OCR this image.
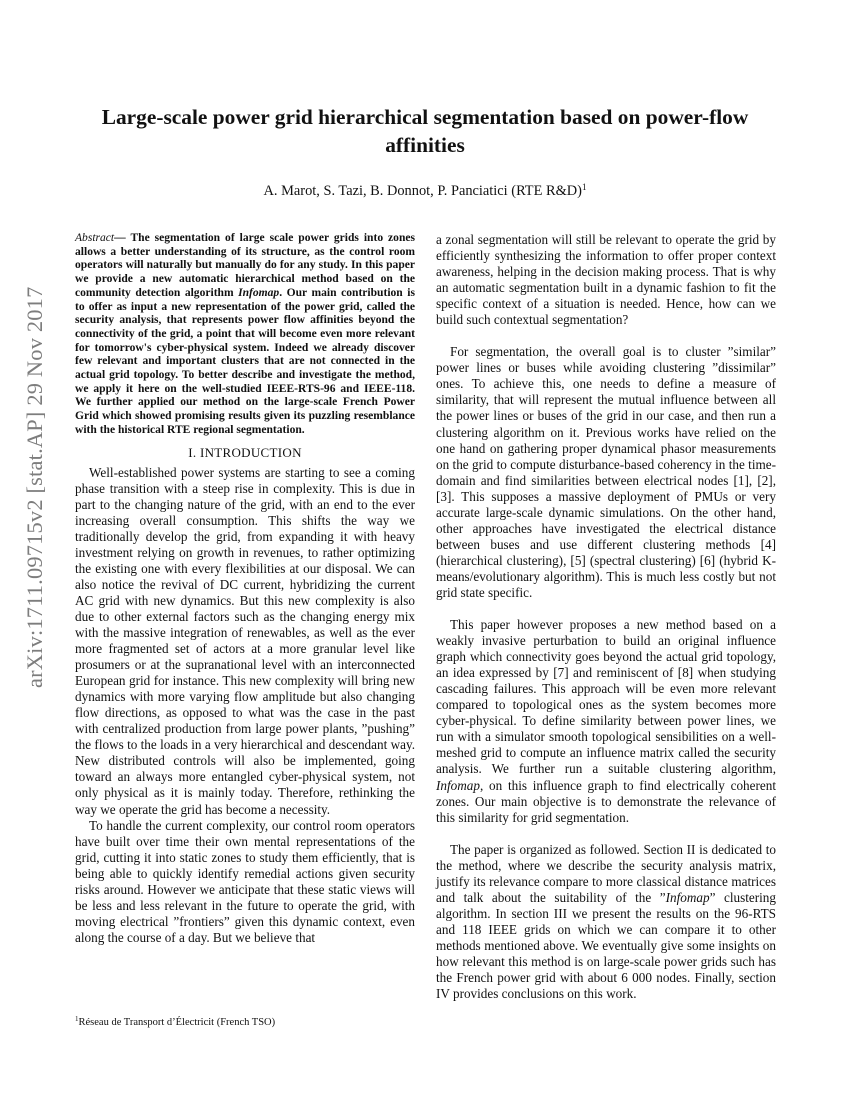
arXiv:1711.09715v2 [stat.AP] 29 Nov 2017
Large-scale power grid hierarchical segmentation based on power-flow affinities
A. Marot, S. Tazi, B. Donnot, P. Panciatici (RTE R&D)$^1$
Abstract— The segmentation of large scale power grids into zones allows a better understanding of its structure, as the control room operators will naturally but manually do for any study. In this paper we provide a new automatic hierarchical method based on the community detection algorithm Infomap. Our main contribution is to offer as input a new representation of the power grid, called the security analysis, that represents power flow affinities beyond the connectivity of the grid, a point that will become even more relevant for tomorrow's cyber-physical system. Indeed we already discover few relevant and important clusters that are not connected in the actual grid topology. To better describe and investigate the method, we apply it here on the well-studied IEEE-RTS-96 and IEEE-118. We further applied our method on the large-scale French Power Grid which showed promising results given its puzzling resemblance with the historical RTE regional segmentation.
I. INTRODUCTION

Well-established power systems are starting to see a coming phase transition with a steep rise in complexity. This is due in part to the changing nature of the grid, with an end to the ever increasing overall consumption. This shifts the way we traditionally develop the grid, from expanding it with heavy investment relying on growth in revenues, to rather optimizing the existing one with every flexibilities at our disposal. We can also notice the revival of DC current, hybridizing the current AC grid with new dynamics. But this new complexity is also due to other external factors such as the changing energy mix with the massive integration of renewables, as well as the ever more fragmented set of actors at a more granular level like prosumers or at the supranational level with an interconnected European grid for instance. This new complexity will bring new dynamics with more varying flow amplitude but also changing flow directions, as opposed to what was the case in the past with centralized production from large power plants, ”pushing” the flows to the loads in a very hierarchical and descendant way. New distributed controls will also be implemented, going toward an always more entangled cyber-physical system, not only physical as it is mainly today. Therefore, rethinking the way we operate the grid has become a necessity.

To handle the current complexity, our control room operators have built over time their own mental representations of the grid, cutting it into static zones to study them efficiently, that is being able to quickly identify remedial actions given security risks around. However we anticipate that these static views will be less and less relevant in the future to operate the grid, with moving electrical ”frontiers” given this dynamic context, even along the course of a day. But we believe that

a zonal segmentation will still be relevant to operate the grid by efficiently synthesizing the information to offer proper context awareness, helping in the decision making process. That is why an automatic segmentation built in a dynamic fashion to fit the specific context of a situation is needed. Hence, how can we build such contextual segmentation?

For segmentation, the overall goal is to cluster ”similar” power lines or buses while avoiding clustering ”dissimilar” ones. To achieve this, one needs to define a measure of similarity, that will represent the mutual influence between all the power lines or buses of the grid in our case, and then run a clustering algorithm on it. Previous works have relied on the one hand on gathering proper dynamical phasor measurements on the grid to compute disturbance-based coherency in the time-domain and find similarities between electrical nodes [1], [2], [3]. This supposes a massive deployment of PMUs or very accurate large-scale dynamic simulations. On the other hand, other approaches have investigated the electrical distance between buses and use different clustering methods [4] (hierarchical clustering), [5] (spectral clustering) [6] (hybrid K-means/evolutionary algorithm). This is much less costly but not grid state specific.

This paper however proposes a new method based on a weakly invasive perturbation to build an original influence graph which connectivity goes beyond the actual grid topology, an idea expressed by [7] and reminiscent of [8] when studying cascading failures. This approach will be even more relevant compared to topological ones as the system becomes more cyber-physical. To define similarity between power lines, we run with a simulator smooth topological sensibilities on a well-meshed grid to compute an influence matrix called the security analysis. We further run a suitable clustering algorithm, Infomap, on this influence graph to find electrically coherent zones. Our main objective is to demonstrate the relevance of this similarity for grid segmentation.

The paper is organized as followed. Section II is dedicated to the method, where we describe the security analysis matrix, justify its relevance compare to more classical distance matrices and talk about the suitability of the ”Infomap” clustering algorithm. In section III we present the results on the 96-RTS and 118 IEEE grids on which we can compare it to other methods mentioned above. We eventually give some insights on how relevant this method is on large-scale power grids such has the French power grid with about 6 000 nodes. Finally, section IV provides conclusions on this work.

$^1$Réseau de Transport d’Électricit (French TSO)
